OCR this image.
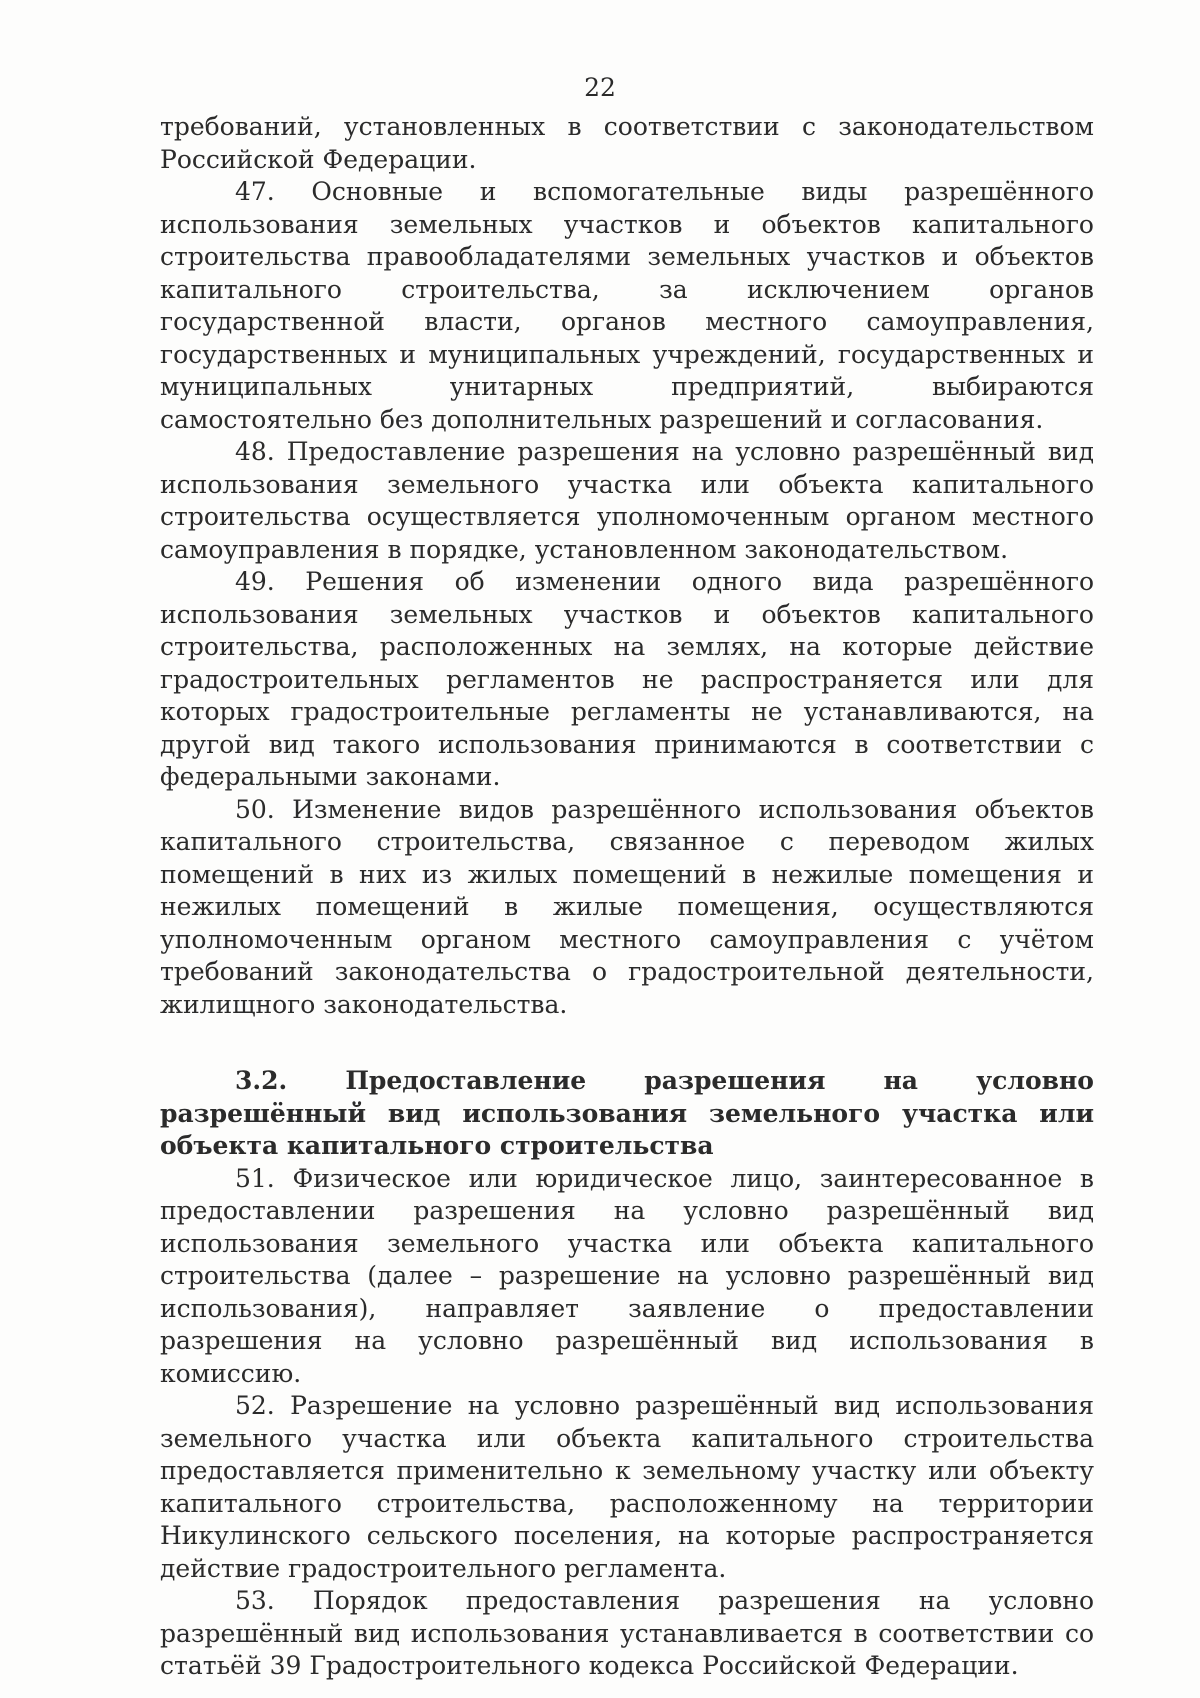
22

требований, установленных в соответствии с законодательством Российской Федерации.

47. Основные и вспомогательные виды разрешённого использования земельных участков и объектов капитального строительства правообладателями земельных участков и объектов капитального строительства, за исключением органов государственной власти, органов местного самоуправления, государственных и муниципальных учреждений, государственных и муниципальных унитарных предприятий, выбираются самостоятельно без дополнительных разрешений и согласования.

48. Предоставление разрешения на условно разрешённый вид использования земельного участка или объекта капитального строительства осуществляется уполномоченным органом местного самоуправления в порядке, установленном законодательством.

49. Решения об изменении одного вида разрешённого использования земельных участков и объектов капитального строительства, расположенных на землях, на которые действие градостроительных регламентов не распространяется или для которых градостроительные регламенты не устанавливаются, на другой вид такого использования принимаются в соответствии с федеральными законами.

50. Изменение видов разрешённого использования объектов капитального строительства, связанное с переводом жилых помещений в них из жилых помещений в нежилые помещения и нежилых помещений в жилые помещения, осуществляются уполномоченным органом местного самоуправления с учётом требований законодательства о градостроительной деятельности, жилищного законодательства.

3.2. Предоставление разрешения на условно разрешённый вид использования земельного участка или объекта капитального строительства

51. Физическое или юридическое лицо, заинтересованное в предоставлении разрешения на условно разрешённый вид использования земельного участка или объекта капитального строительства (далее – разрешение на условно разрешённый вид использования), направляет заявление о предоставлении разрешения на условно разрешённый вид использования в комиссию.

52. Разрешение на условно разрешённый вид использования земельного участка или объекта капитального строительства предоставляется применительно к земельному участку или объекту капитального строительства, расположенному на территории Никулинского сельского поселения, на которые распространяется действие градостроительного регламента.

53. Порядок предоставления разрешения на условно разрешённый вид использования устанавливается в соответствии со статьёй 39 Градостроительного кодекса Российской Федерации.
